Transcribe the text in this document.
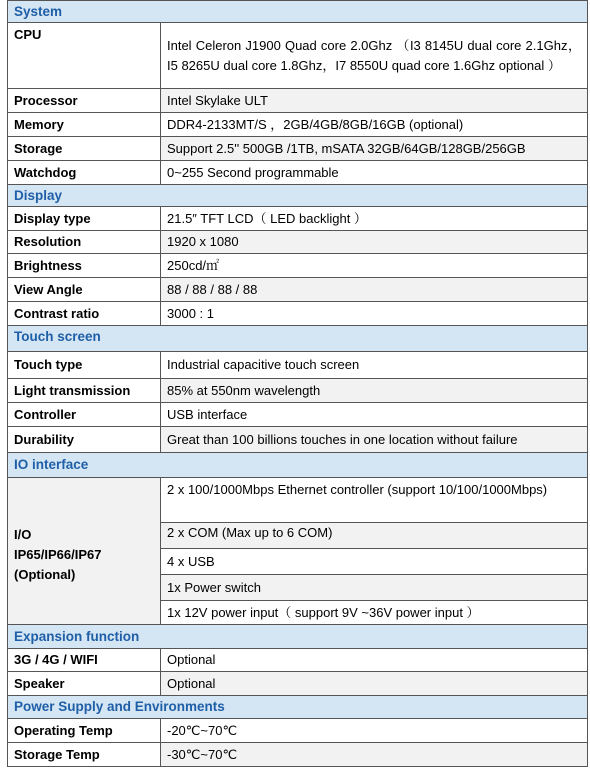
System	
CPU	Intel Celeron J1900 Quad core 2.0Ghz （I3 8145U dual core 2.1Ghz，I5 8265U dual core 1.8Ghz，I7 8550U quad core 1.6Ghz optional ）
Processor	Intel Skylake ULT
Memory	DDR4-2133MT/S ，2GB/4GB/8GB/16GB (optional)
Storage	Support 2.5'' 500GB /1TB, mSATA 32GB/64GB/128GB/256GB
Watchdog	0~255 Second programmable
Display	
Display type	21.5″ TFT LCD（ LED backlight ）
Resolution	1920 x 1080
Brightness	250cd/㎡
View Angle	88 / 88 / 88 / 88
Contrast ratio	3000 : 1
Touch screen	
Touch type	Industrial capacitive touch screen
Light transmission	85% at 550nm wavelength
Controller	USB interface
Durability	Great than 100 billions touches in one location without failure
IO interface	

I/O
IP65/IP66/IP67
(Optional)	2 x 100/1000Mbps Ethernet controller (support 10/100/1000Mbps)
	2 x COM (Max up to 6 COM)
	4 x USB
	1x Power switch
	1x 12V power input（ support 9V ~36V power input ）
Expansion function	
3G / 4G / WIFI	Optional
Speaker	Optional
Power Supply and Environments	
Operating Temp	-20℃~70℃
Storage Temp	-30℃~70℃
